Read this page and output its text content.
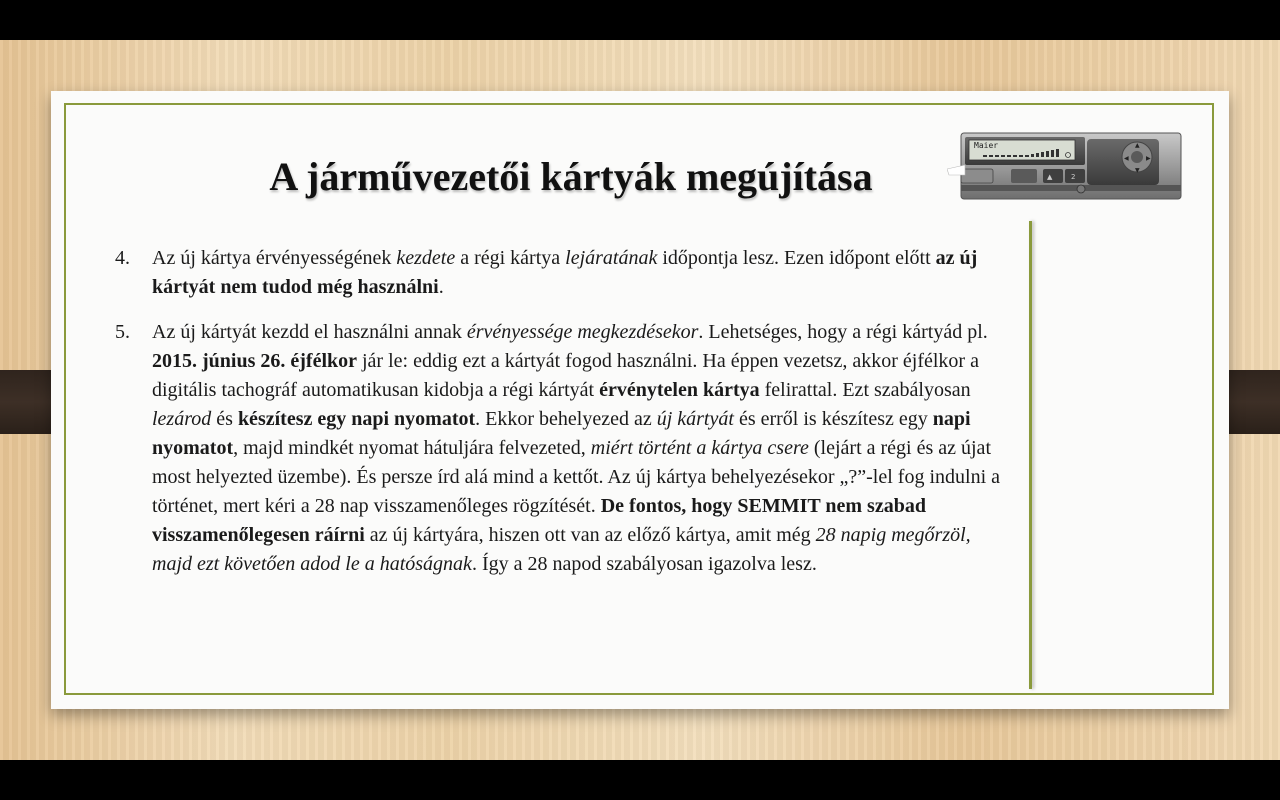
A járművezetői kártyák megújítása
Maier	▲
▼
◀	▶
▲	2
4. Az új kártya érvényességének kezdete a régi kártya lejáratának időpontja lesz. Ezen időpont előtt az új kártyát nem tudod még használni.
5. Az új kártyát kezdd el használni annak érvényessége megkezdésekor. Lehetséges, hogy a régi kártyád pl. 2015. június 26. éjfélkor jár le: eddig ezt a kártyát fogod használni. Ha éppen vezetsz, akkor éjfélkor a digitális tachográf automatikusan kidobja a régi kártyát érvénytelen kártya felirattal. Ezt szabályosan lezárod és készítesz egy napi nyomatot. Ekkor behelyezed az új kártyát és erről is készítesz egy napi nyomatot, majd mindkét nyomat hátuljára felvezeted, miért történt a kártya csere (lejárt a régi és az újat most helyezted üzembe). És persze írd alá mind a kettőt. Az új kártya behelyezésekor „?”-lel fog indulni a történet, mert kéri a 28 nap visszamenőleges rögzítését. De fontos, hogy SEMMIT nem szabad visszamenőlegesen ráírni az új kártyára, hiszen ott van az előző kártya, amit még 28 napig megőrzöl, majd ezt követően adod le a hatóságnak. Így a 28 napod szabályosan igazolva lesz.
